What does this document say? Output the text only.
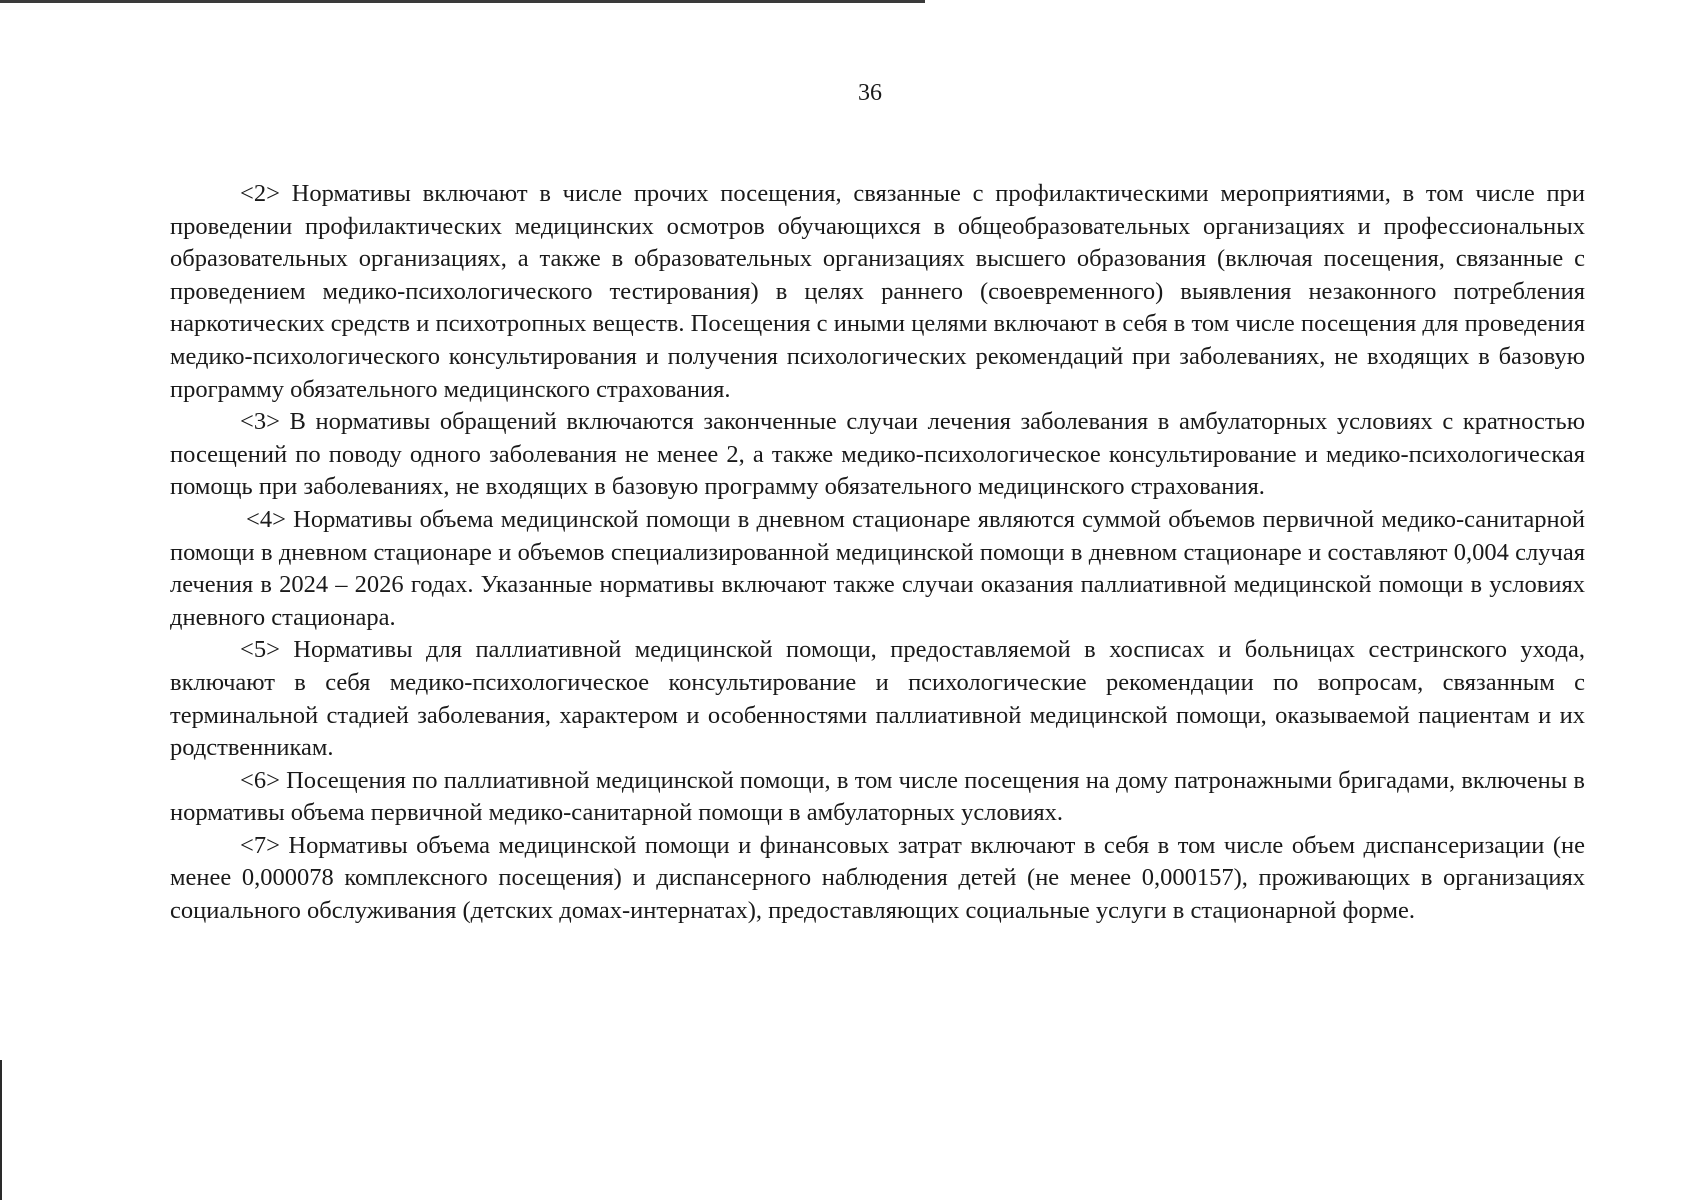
36

<2> Нормативы включают в числе прочих посещения, связанные с профилактическими мероприятиями, в том числе при проведении профилактических медицинских осмотров обучающихся в общеобразовательных организациях и профессиональных образовательных организациях, а также в образовательных организациях высшего образования (включая посещения, связанные с проведением медико-психологического тестирования) в целях раннего (своевременного) выявления незаконного потребления наркотических средств и психотропных веществ. Посещения с иными целями включают в себя в том числе посещения для проведения медико-психологического консультирования и получения психологических рекомендаций при заболеваниях, не входящих в базовую программу обязательного медицинского страхования.

<3> В нормативы обращений включаются законченные случаи лечения заболевания в амбулаторных условиях с кратностью посещений по поводу одного заболевания не менее 2, а также медико-психологическое консультирование и медико-психологическая помощь при заболеваниях, не входящих в базовую программу обязательного медицинского страхования.

<4> Нормативы объема медицинской помощи в дневном стационаре являются суммой объемов первичной медико-санитарной помощи в дневном стационаре и объемов специализированной медицинской помощи в дневном стационаре и составляют 0,004 случая лечения в 2024 – 2026 годах. Указанные нормативы включают также случаи оказания паллиативной медицинской помощи в условиях дневного стационара.

<5> Нормативы для паллиативной медицинской помощи, предоставляемой в хосписах и больницах сестринского ухода, включают в себя медико-психологическое консультирование и психологические рекомендации по вопросам, связанным с терминальной стадией заболевания, характером и особенностями паллиативной медицинской помощи, оказываемой пациентам и их родственникам.

<6> Посещения по паллиативной медицинской помощи, в том числе посещения на дому патронажными бригадами, включены в нормативы объема первичной медико-санитарной помощи в амбулаторных условиях.

<7> Нормативы объема медицинской помощи и финансовых затрат включают в себя в том числе объем диспансеризации (не менее 0,000078 комплексного посещения) и диспансерного наблюдения детей (не менее 0,000157), проживающих в организациях социального обслуживания (детских домах-интернатах), предоставляющих социальные услуги в стационарной форме.
